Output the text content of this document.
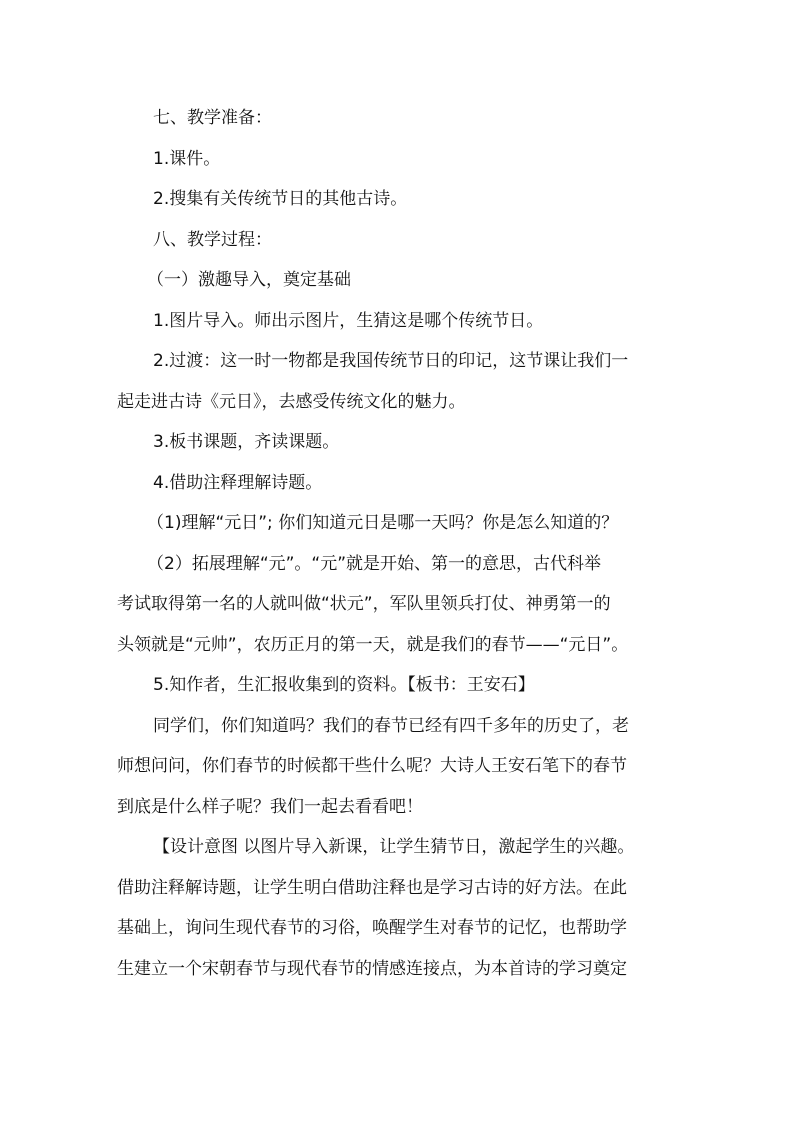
七、教学准备：
1.课件。
2.搜集有关传统节日的其他古诗。
八、教学过程：
（一）激趣导入，奠定基础
1.图片导入。师出示图片，生猜这是哪个传统节日。
2.过渡：这一时一物都是我国传统节日的印记，这节课让我们一
起走进古诗《元日》，去感受传统文化的魅力。
3.板书课题，齐读课题。
4.借助注释理解诗题。
（1)理解“元日”; 你们知道元日是哪一天吗？你是怎么知道的？
（2）拓展理解“元”。“元”就是开始、第一的意思，古代科举
考试取得第一名的人就叫做“状元”，军队里领兵打仗、神勇第一的
头领就是“元帅”，农历正月的第一天，就是我们的春节——“元日”。
5.知作者，生汇报收集到的资料。【板书：王安石】
同学们，你们知道吗？我们的春节已经有四千多年的历史了，老
师想问问，你们春节的时候都干些什么呢？大诗人王安石笔下的春节
到底是什么样子呢？我们一起去看看吧！
【设计意图 以图片导入新课，让学生猜节日，激起学生的兴趣。
借助注释解诗题，让学生明白借助注释也是学习古诗的好方法。在此
基础上，询问生现代春节的习俗，唤醒学生对春节的记忆，也帮助学
生建立一个宋朝春节与现代春节的情感连接点，为本首诗的学习奠定
